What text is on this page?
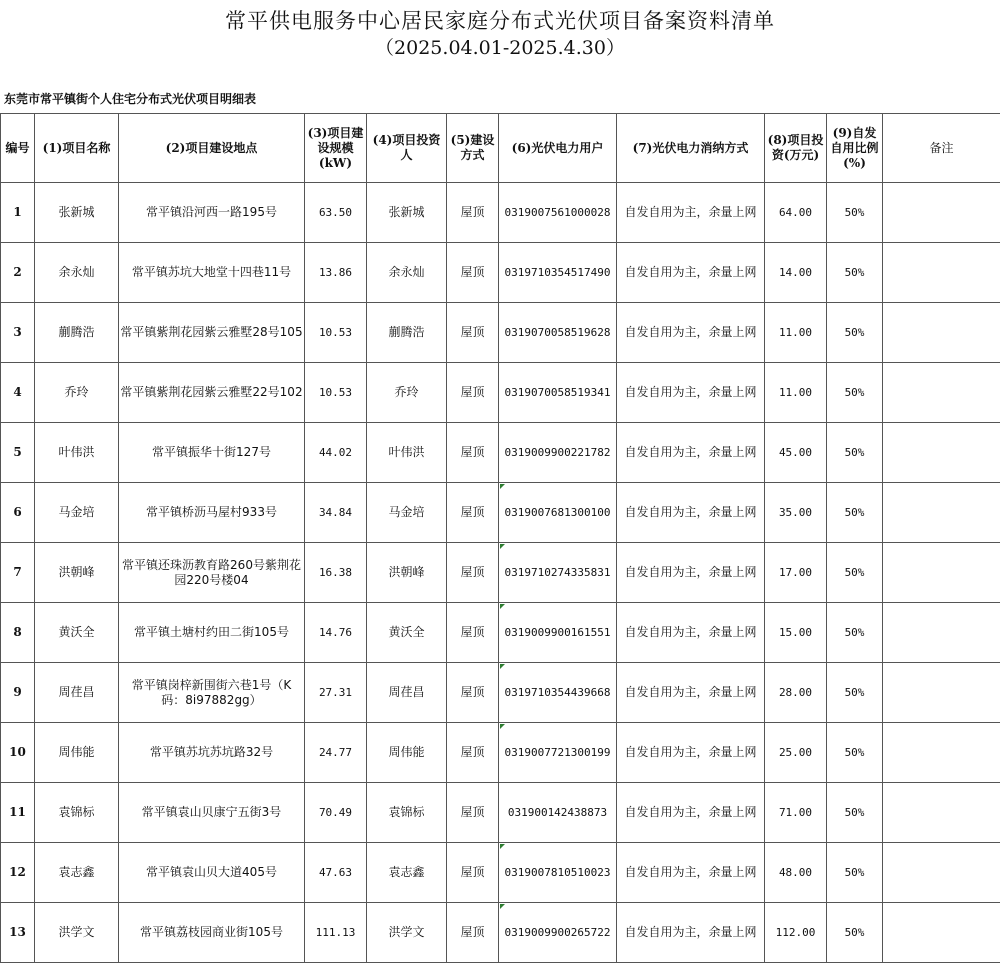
常平供电服务中心居民家庭分布式光伏项目备案资料清单
（2025.04.01-2025.4.30）
东莞市常平镇街个人住宅分布式光伏项目明细表
编号	(1)项目名称	(2)项目建设地点	(3)项目建设规模(kW)	(4)项目投资人	(5)建设方式	(6)光伏电力用户	(7)光伏电力消纳方式	(8)项目投资(万元)	(9)自发自用比例(%)	备注
1	张新城	常平镇沿河西一路195号	63.50	张新城	屋顶	0319007561000028	自发自用为主，余量上网	64.00	50%	
2	余永灿	常平镇苏坑大地堂十四巷11号	13.86	余永灿	屋顶	0319710354517490	自发自用为主，余量上网	14.00	50%	
3	蒯腾浩	常平镇紫荆花园紫云雅墅28号105	10.53	蒯腾浩	屋顶	0319070058519628	自发自用为主，余量上网	11.00	50%	
4	乔玲	常平镇紫荆花园紫云雅墅22号102	10.53	乔玲	屋顶	0319070058519341	自发自用为主，余量上网	11.00	50%	
5	叶伟洪	常平镇振华十街127号	44.02	叶伟洪	屋顶	0319009900221782	自发自用为主，余量上网	45.00	50%	
6	马金培	常平镇桥沥马屋村933号	34.84	马金培	屋顶	0319007681300100	自发自用为主，余量上网	35.00	50%	
7	洪朝峰	常平镇还珠沥教育路260号紫荆花园220号楼04	16.38	洪朝峰	屋顶	0319710274335831	自发自用为主，余量上网	17.00	50%	
8	黄沃全	常平镇土塘村约田二街105号	14.76	黄沃全	屋顶	0319009900161551	自发自用为主，余量上网	15.00	50%	
9	周荏昌	常平镇岗梓新围街六巷1号（K码：8i97882gg）	27.31	周荏昌	屋顶	0319710354439668	自发自用为主，余量上网	28.00	50%	
10	周伟能	常平镇苏坑苏坑路32号	24.77	周伟能	屋顶	0319007721300199	自发自用为主，余量上网	25.00	50%	
11	袁锦标	常平镇袁山贝康宁五街3号	70.49	袁锦标	屋顶	031900142438873	自发自用为主，余量上网	71.00	50%	
12	袁志鑫	常平镇袁山贝大道405号	47.63	袁志鑫	屋顶	0319007810510023	自发自用为主，余量上网	48.00	50%	
13	洪学文	常平镇荔枝园商业街105号	111.13	洪学文	屋顶	0319009900265722	自发自用为主，余量上网	112.00	50%	
